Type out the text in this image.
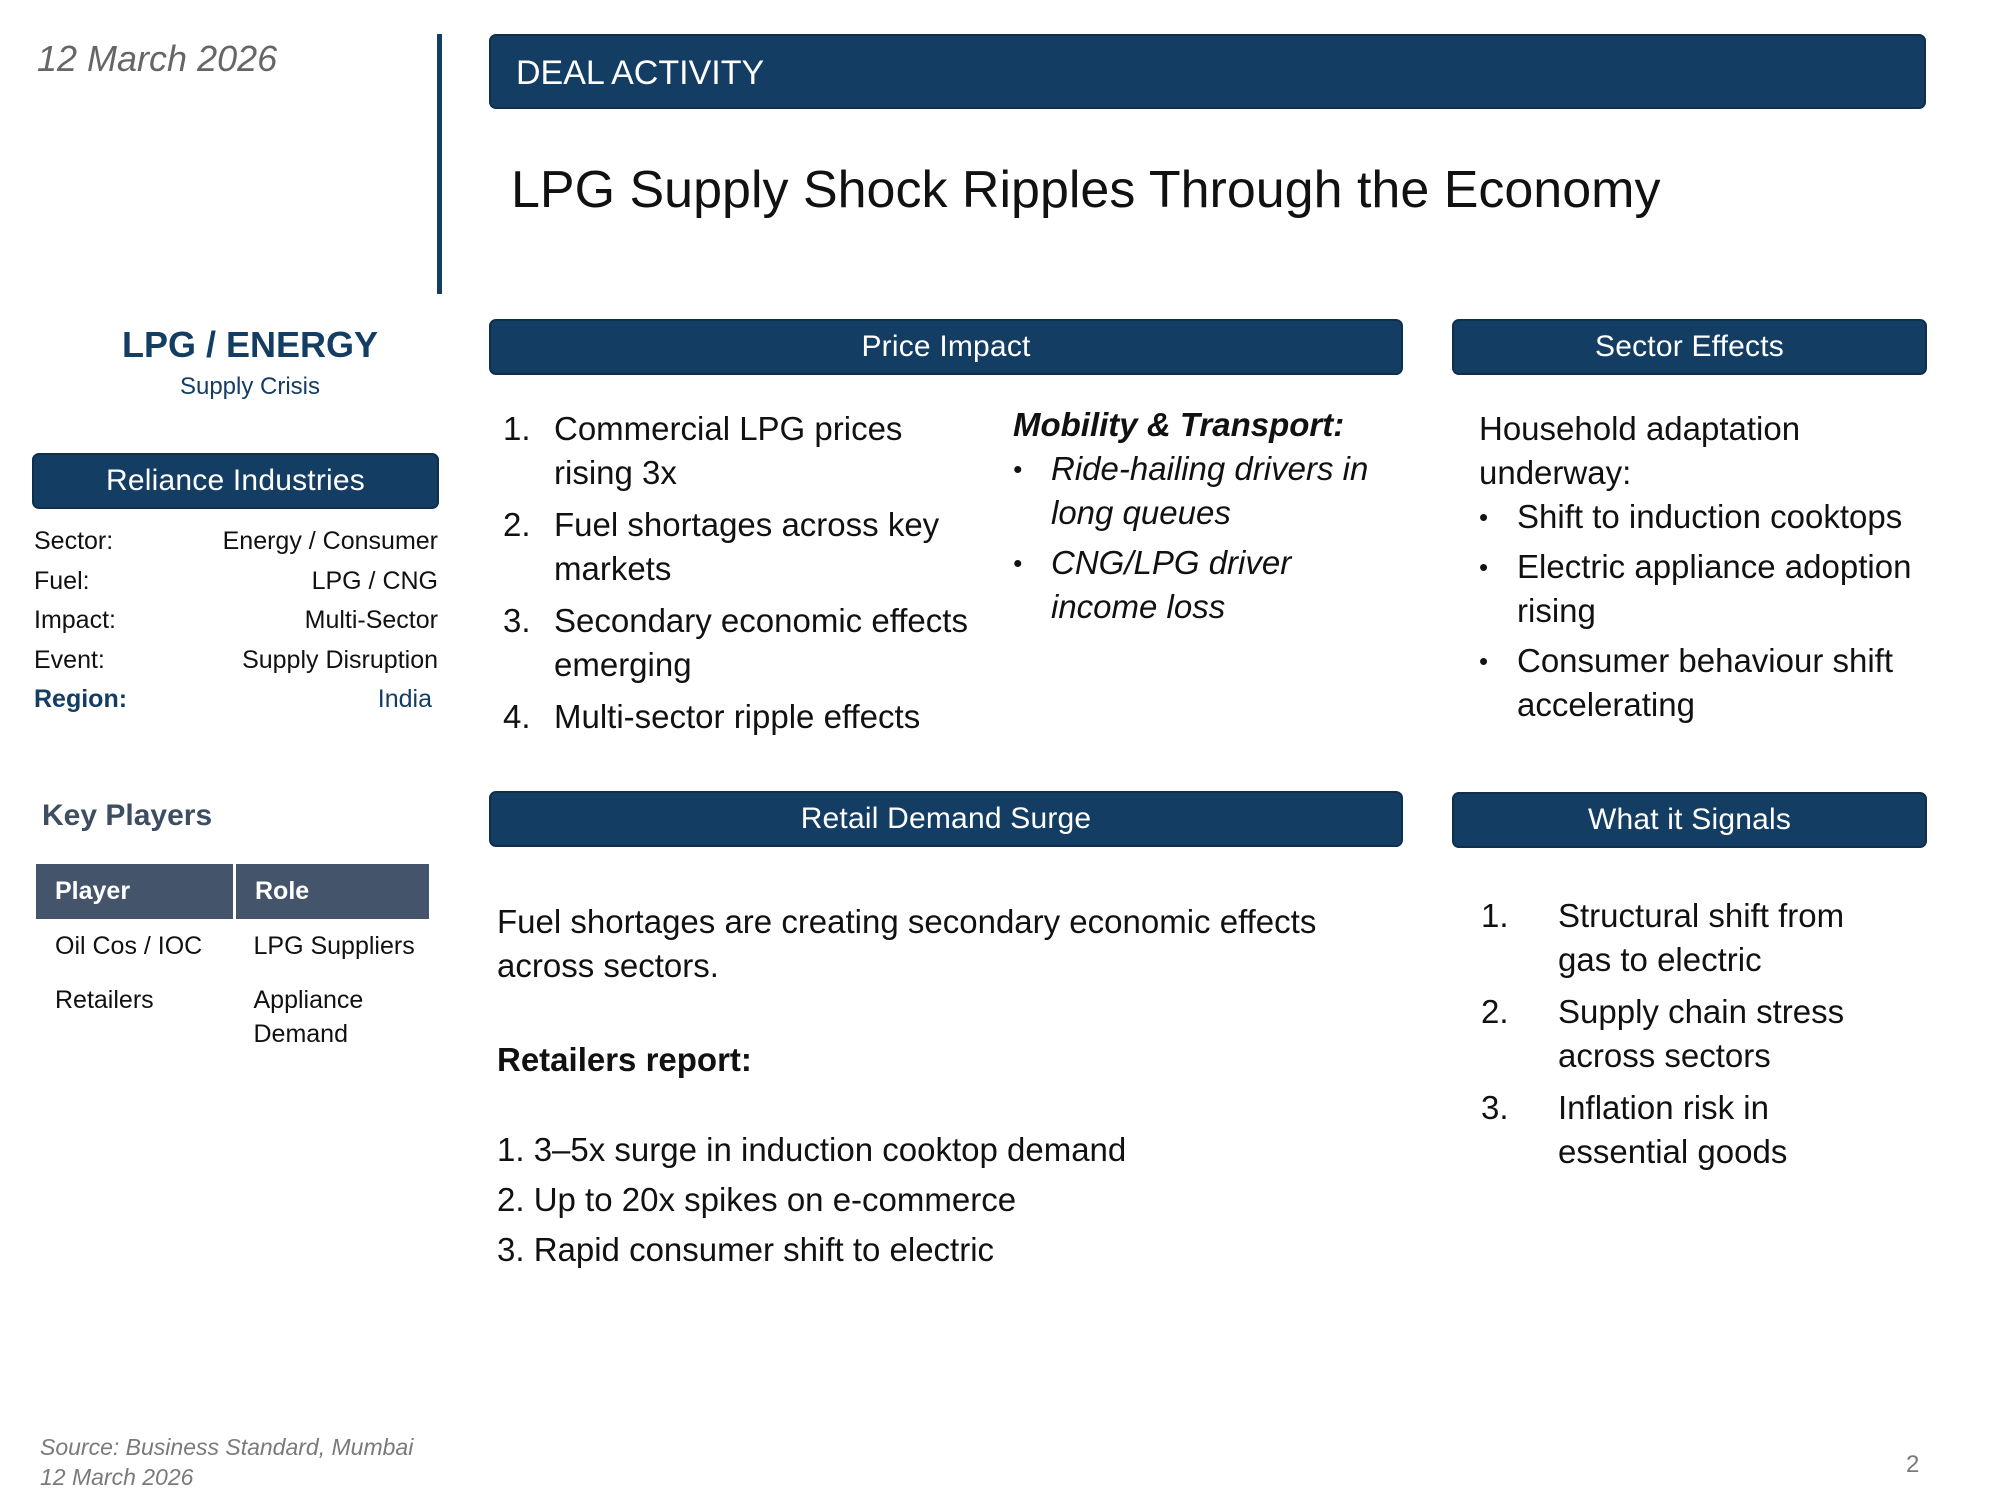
12 March 2026	DEAL ACTIVITY
LPG Supply Shock Ripples Through the Economy
LPG / ENERGY
Supply Crisis
Reliance Industries
Sector:	Energy / Consumer
Fuel:	LPG / CNG
Impact:	Multi-Sector
Event:	Supply Disruption
Region:	India
Key Players
Player	Role
Oil Cos / IOC	LPG Suppliers
Retailers	Appliance Demand
Price Impact
1. Commercial LPG prices rising 3x
2. Fuel shortages across key markets
3. Secondary economic effects emerging
4. Multi-sector ripple effects
Mobility & Transport:
• Ride-hailing drivers in long queues
• CNG/LPG driver income loss
Sector Effects
Household adaptation underway:
• Shift to induction cooktops
• Electric appliance adoption rising
• Consumer behaviour shift accelerating
Retail Demand Surge
Fuel shortages are creating secondary economic effects across sectors.
Retailers report:
1. 3–5x surge in induction cooktop demand
2. Up to 20x spikes on e-commerce
3. Rapid consumer shift to electric
What it Signals
1.	Structural shift from gas to electric
2.	Supply chain stress across sectors
3.	Inflation risk in essential goods
Source: Business Standard, Mumbai
12 March 2026	2
